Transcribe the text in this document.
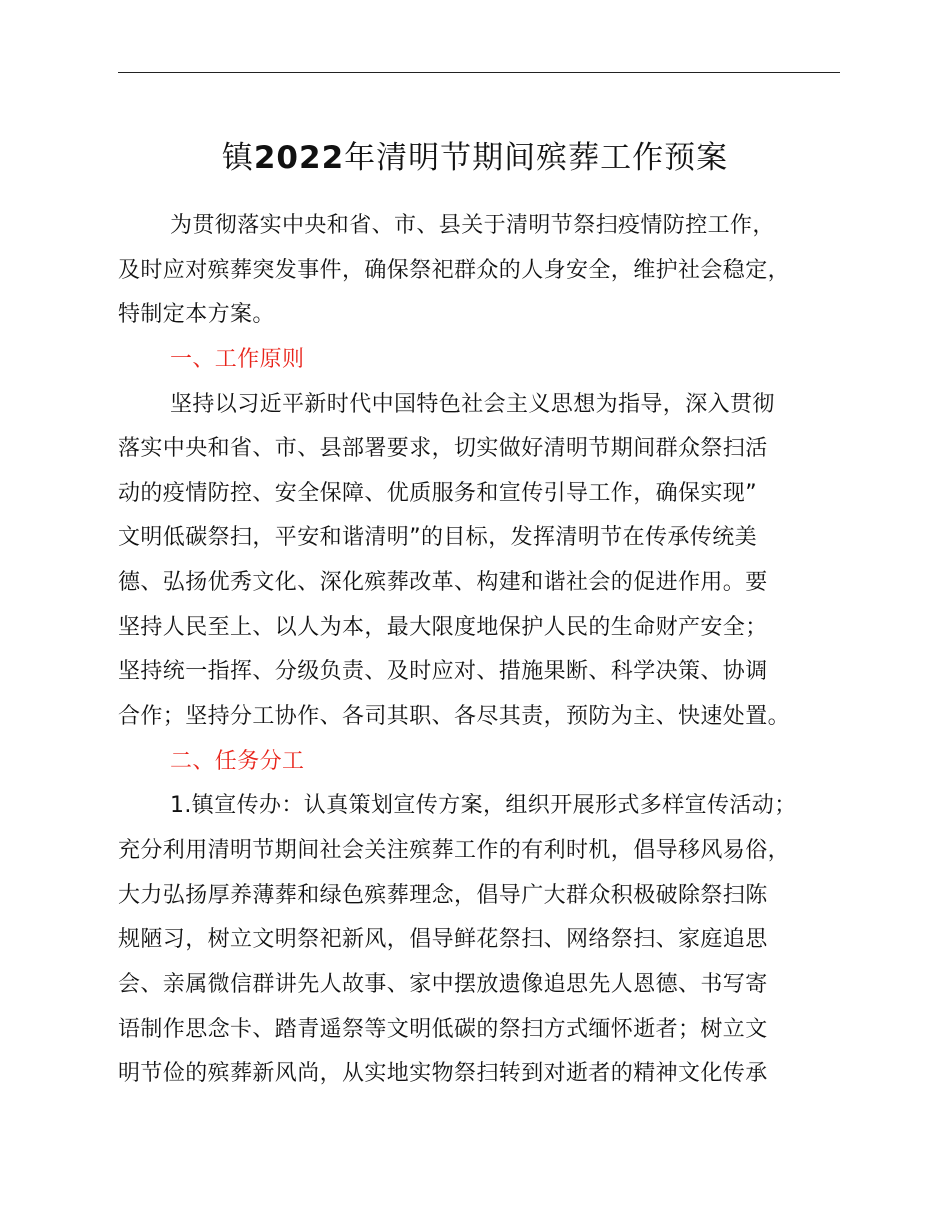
镇2022年清明节期间殡葬工作预案
为贯彻落实中央和省、市、县关于清明节祭扫疫情防控工作，
及时应对殡葬突发事件，确保祭祀群众的人身安全，维护社会稳定，
特制定本方案。
一、工作原则
坚持以习近平新时代中国特色社会主义思想为指导，深入贯彻
落实中央和省、市、县部署要求，切实做好清明节期间群众祭扫活
动的疫情防控、安全保障、优质服务和宣传引导工作，确保实现”
文明低碳祭扫，平安和谐清明”的目标，发挥清明节在传承传统美
德、弘扬优秀文化、深化殡葬改革、构建和谐社会的促进作用。要
坚持人民至上、以人为本，最大限度地保护人民的生命财产安全；
坚持统一指挥、分级负责、及时应对、措施果断、科学决策、协调
合作；坚持分工协作、各司其职、各尽其责，预防为主、快速处置。
二、任务分工
1.镇宣传办：认真策划宣传方案，组织开展形式多样宣传活动；
充分利用清明节期间社会关注殡葬工作的有利时机，倡导移风易俗，
大力弘扬厚养薄葬和绿色殡葬理念，倡导广大群众积极破除祭扫陈
规陋习，树立文明祭祀新风，倡导鲜花祭扫、网络祭扫、家庭追思
会、亲属微信群讲先人故事、家中摆放遗像追思先人恩德、书写寄
语制作思念卡、踏青遥祭等文明低碳的祭扫方式缅怀逝者；树立文
明节俭的殡葬新风尚，从实地实物祭扫转到对逝者的精神文化传承
